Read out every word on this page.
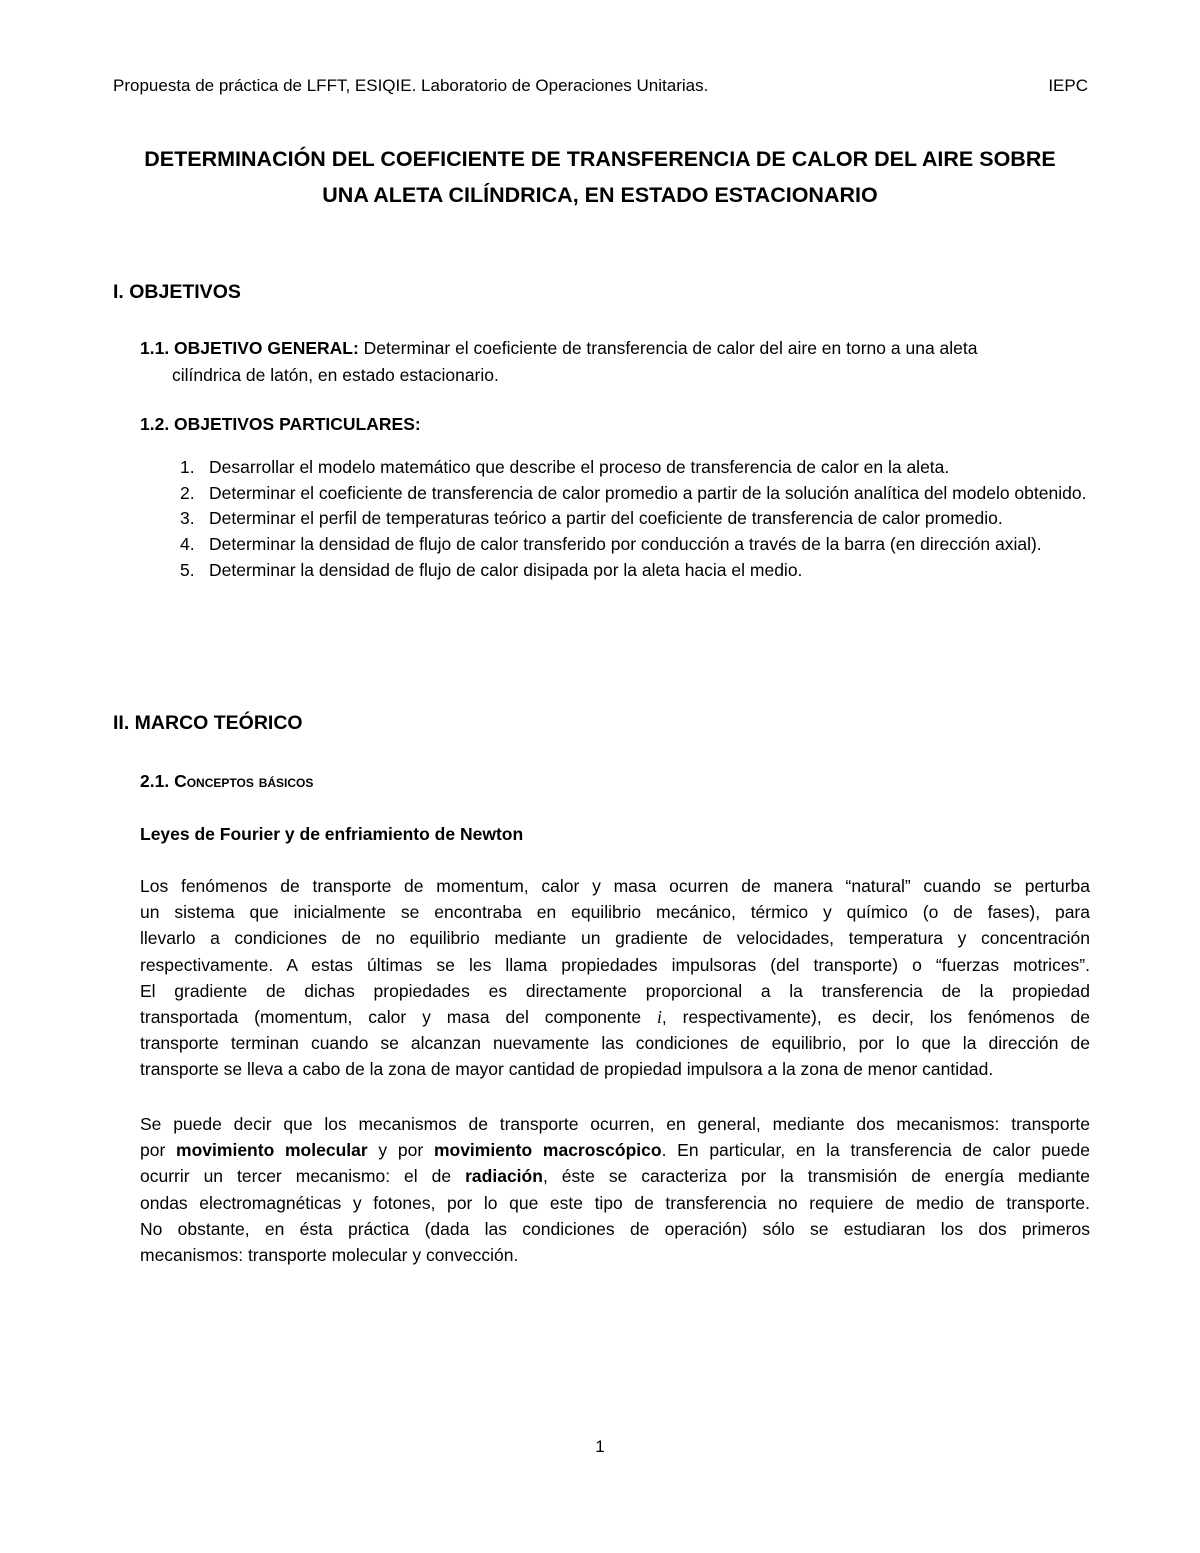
Propuesta de práctica de LFFT, ESIQIE. Laboratorio de Operaciones Unitarias.	IEPC
DETERMINACIÓN DEL COEFICIENTE DE TRANSFERENCIA DE CALOR DEL AIRE SOBRE
UNA ALETA CILÍNDRICA, EN ESTADO ESTACIONARIO
I. OBJETIVOS
1.1. OBJETIVO GENERAL: Determinar el coeficiente de transferencia de calor del aire en torno a una aleta
cilíndrica de latón, en estado estacionario.
1.2. OBJETIVOS PARTICULARES:
1. Desarrollar el modelo matemático que describe el proceso de transferencia de calor en la aleta.
2. Determinar el coeficiente de transferencia de calor promedio a partir de la solución analítica del modelo obtenido.
3. Determinar el perfil de temperaturas teórico a partir del coeficiente de transferencia de calor promedio.
4. Determinar la densidad de flujo de calor transferido por conducción a través de la barra (en dirección axial).
5. Determinar la densidad de flujo de calor disipada por la aleta hacia el medio.
II. MARCO TEÓRICO
2.1. Conceptos básicos
Leyes de Fourier y de enfriamiento de Newton
Los fenómenos de transporte de momentum, calor y masa ocurren de manera “natural” cuando se perturba
un sistema que inicialmente se encontraba en equilibrio mecánico, térmico y químico (o de fases), para
llevarlo a condiciones de no equilibrio mediante un gradiente de velocidades, temperatura y concentración
respectivamente. A estas últimas se les llama propiedades impulsoras (del transporte) o “fuerzas motrices”.
El gradiente de dichas propiedades es directamente proporcional a la transferencia de la propiedad
transportada (momentum, calor y masa del componente i, respectivamente), es decir, los fenómenos de
transporte terminan cuando se alcanzan nuevamente las condiciones de equilibrio, por lo que la dirección de
transporte se lleva a cabo de la zona de mayor cantidad de propiedad impulsora a la zona de menor cantidad.
Se puede decir que los mecanismos de transporte ocurren, en general, mediante dos mecanismos: transporte
por movimiento molecular y por movimiento macroscópico. En particular, en la transferencia de calor puede
ocurrir un tercer mecanismo: el de radiación, éste se caracteriza por la transmisión de energía mediante
ondas electromagnéticas y fotones, por lo que este tipo de transferencia no requiere de medio de transporte.
No obstante, en ésta práctica (dada las condiciones de operación) sólo se estudiaran los dos primeros
mecanismos: transporte molecular y convección.
1
